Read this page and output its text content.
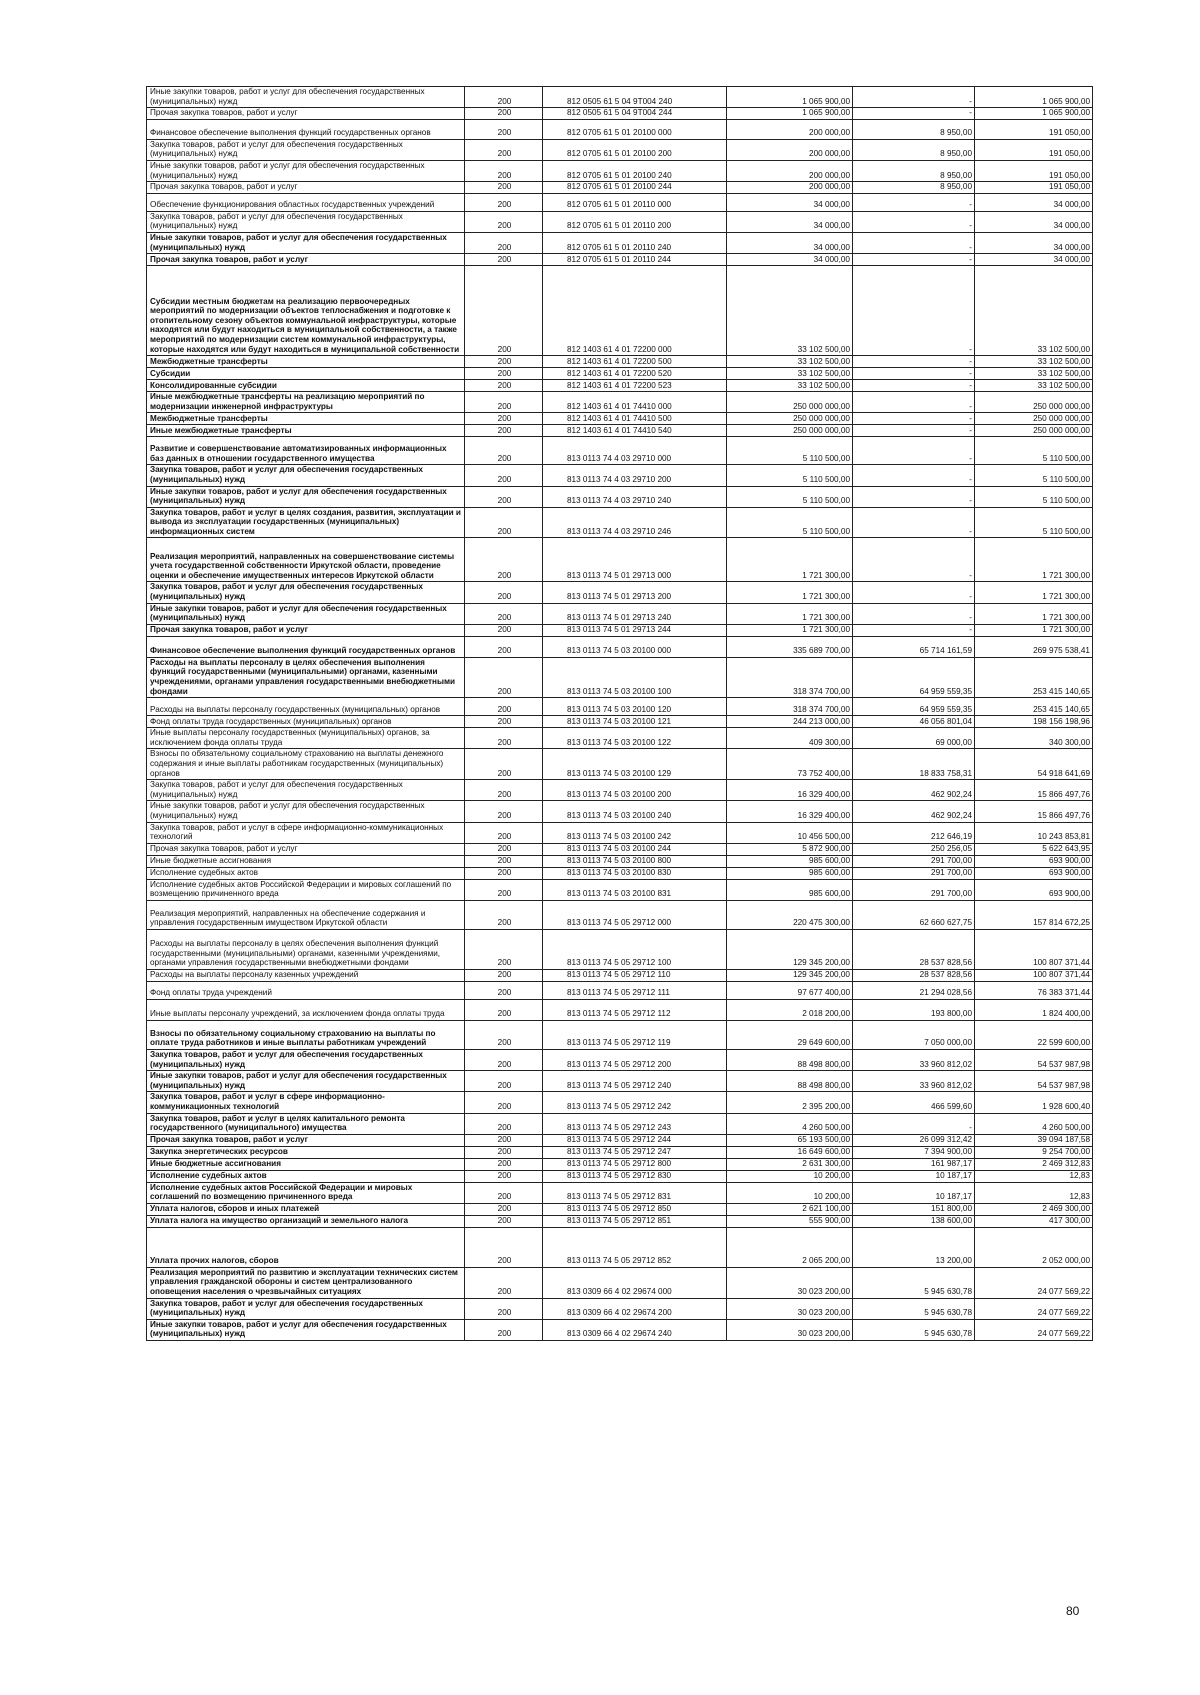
Иные закупки товаров, работ и услуг для обеспечения государственных (муниципальных) нужд	200	812 0505 61 5 04 9T004 240	1 065 900,00	-	1 065 900,00
Прочая закупка товаров, работ и услуг	200	812 0505 61 5 04 9T004 244	1 065 900,00	-	1 065 900,00
Финансовое обеспечение выполнения функций государственных органов	200	812 0705 61 5 01 20100 000	200 000,00	8 950,00	191 050,00
Закупка товаров, работ и услуг для обеспечения государственных (муниципальных) нужд	200	812 0705 61 5 01 20100 200	200 000,00	8 950,00	191 050,00
Иные закупки товаров, работ и услуг для обеспечения государственных (муниципальных) нужд	200	812 0705 61 5 01 20100 240	200 000,00	8 950,00	191 050,00
Прочая закупка товаров, работ и услуг	200	812 0705 61 5 01 20100 244	200 000,00	8 950,00	191 050,00
Обеспечение функционирования областных государственных учреждений	200	812 0705 61 5 01 20110 000	34 000,00	-	34 000,00
Закупка товаров, работ и услуг для обеспечения государственных (муниципальных) нужд	200	812 0705 61 5 01 20110 200	34 000,00	-	34 000,00
Иные закупки товаров, работ и услуг для обеспечения государственных (муниципальных) нужд	200	812 0705 61 5 01 20110 240	34 000,00	-	34 000,00
Прочая закупка товаров, работ и услуг	200	812 0705 61 5 01 20110 244	34 000,00	-	34 000,00
Субсидии местным бюджетам на реализацию первоочередных мероприятий по модернизации объектов теплоснабжения и подготовке к отопительному сезону объектов коммунальной инфраструктуры, которые находятся или будут находиться в муниципальной собственности, а также мероприятий по модернизации систем коммунальной инфраструктуры, которые находятся или будут находиться в муниципальной собственности	200	812 1403 61 4 01 72200 000	33 102 500,00	-	33 102 500,00
Межбюджетные трансферты	200	812 1403 61 4 01 72200 500	33 102 500,00	-	33 102 500,00
Субсидии	200	812 1403 61 4 01 72200 520	33 102 500,00	-	33 102 500,00
Консолидированные субсидии	200	812 1403 61 4 01 72200 523	33 102 500,00	-	33 102 500,00
Иные межбюджетные трансферты на реализацию мероприятий по модернизации инженерной инфраструктуры	200	812 1403 61 4 01 74410 000	250 000 000,00	-	250 000 000,00
Межбюджетные трансферты	200	812 1403 61 4 01 74410 500	250 000 000,00	-	250 000 000,00
Иные межбюджетные трансферты	200	812 1403 61 4 01 74410 540	250 000 000,00	-	250 000 000,00
Развитие и совершенствование автоматизированных информационных баз данных в отношении государственного имущества	200	813 0113 74 4 03 29710 000	5 110 500,00	-	5 110 500,00
Закупка товаров, работ и услуг для обеспечения государственных (муниципальных) нужд	200	813 0113 74 4 03 29710 200	5 110 500,00	-	5 110 500,00
Иные закупки товаров, работ и услуг для обеспечения государственных (муниципальных) нужд	200	813 0113 74 4 03 29710 240	5 110 500,00	-	5 110 500,00
Закупка товаров, работ и услуг в целях создания, развития, эксплуатации и вывода из эксплуатации государственных (муниципальных) информационных систем	200	813 0113 74 4 03 29710 246	5 110 500,00	-	5 110 500,00
Реализация мероприятий, направленных на совершенствование системы учета государственной собственности Иркутской области, проведение оценки и обеспечение имущественных интересов Иркутской области	200	813 0113 74 5 01 29713 000	1 721 300,00	-	1 721 300,00
Закупка товаров, работ и услуг для обеспечения государственных (муниципальных) нужд	200	813 0113 74 5 01 29713 200	1 721 300,00	-	1 721 300,00
Иные закупки товаров, работ и услуг для обеспечения государственных (муниципальных) нужд	200	813 0113 74 5 01 29713 240	1 721 300,00	-	1 721 300,00
Прочая закупка товаров, работ и услуг	200	813 0113 74 5 01 29713 244	1 721 300,00	-	1 721 300,00
Финансовое обеспечение выполнения функций государственных органов	200	813 0113 74 5 03 20100 000	335 689 700,00	65 714 161,59	269 975 538,41
Расходы на выплаты персоналу в целях обеспечения выполнения функций государственными (муниципальными) органами, казенными учреждениями, органами управления государственными внебюджетными фондами	200	813 0113 74 5 03 20100 100	318 374 700,00	64 959 559,35	253 415 140,65
Расходы на выплаты персоналу государственных (муниципальных) органов	200	813 0113 74 5 03 20100 120	318 374 700,00	64 959 559,35	253 415 140,65
Фонд оплаты труда государственных (муниципальных) органов	200	813 0113 74 5 03 20100 121	244 213 000,00	46 056 801,04	198 156 198,96
Иные выплаты персоналу государственных (муниципальных) органов, за исключением фонда оплаты труда	200	813 0113 74 5 03 20100 122	409 300,00	69 000,00	340 300,00
Взносы по обязательному социальному страхованию на выплаты денежного содержания и иные выплаты работникам государственных (муниципальных) органов	200	813 0113 74 5 03 20100 129	73 752 400,00	18 833 758,31	54 918 641,69
Закупка товаров, работ и услуг для обеспечения государственных (муниципальных) нужд	200	813 0113 74 5 03 20100 200	16 329 400,00	462 902,24	15 866 497,76
Иные закупки товаров, работ и услуг для обеспечения государственных (муниципальных) нужд	200	813 0113 74 5 03 20100 240	16 329 400,00	462 902,24	15 866 497,76
Закупка товаров, работ и услуг в сфере информационно-коммуникационных технологий	200	813 0113 74 5 03 20100 242	10 456 500,00	212 646,19	10 243 853,81
Прочая закупка товаров, работ и услуг	200	813 0113 74 5 03 20100 244	5 872 900,00	250 256,05	5 622 643,95
Иные бюджетные ассигнования	200	813 0113 74 5 03 20100 800	985 600,00	291 700,00	693 900,00
Исполнение судебных актов	200	813 0113 74 5 03 20100 830	985 600,00	291 700,00	693 900,00
Исполнение судебных актов Российской Федерации и мировых соглашений по возмещению причиненного вреда	200	813 0113 74 5 03 20100 831	985 600,00	291 700,00	693 900,00
Реализация мероприятий, направленных на обеспечение содержания и управления государственным имуществом Иркутской области	200	813 0113 74 5 05 29712 000	220 475 300,00	62 660 627,75	157 814 672,25
Расходы на выплаты персоналу в целях обеспечения выполнения функций государственными (муниципальными) органами, казенными учреждениями, органами управления государственными внебюджетными фондами	200	813 0113 74 5 05 29712 100	129 345 200,00	28 537 828,56	100 807 371,44
Расходы на выплаты персоналу казенных учреждений	200	813 0113 74 5 05 29712 110	129 345 200,00	28 537 828,56	100 807 371,44
Фонд оплаты труда учреждений	200	813 0113 74 5 05 29712 111	97 677 400,00	21 294 028,56	76 383 371,44
Иные выплаты персоналу учреждений, за исключением фонда оплаты труда	200	813 0113 74 5 05 29712 112	2 018 200,00	193 800,00	1 824 400,00
Взносы по обязательному социальному страхованию на выплаты по оплате труда работников и иные выплаты работникам учреждений	200	813 0113 74 5 05 29712 119	29 649 600,00	7 050 000,00	22 599 600,00
Закупка товаров, работ и услуг для обеспечения государственных (муниципальных) нужд	200	813 0113 74 5 05 29712 200	88 498 800,00	33 960 812,02	54 537 987,98
Иные закупки товаров, работ и услуг для обеспечения государственных (муниципальных) нужд	200	813 0113 74 5 05 29712 240	88 498 800,00	33 960 812,02	54 537 987,98
Закупка товаров, работ и услуг в сфере информационно-коммуникационных технологий	200	813 0113 74 5 05 29712 242	2 395 200,00	466 599,60	1 928 600,40
Закупка товаров, работ и услуг в целях капитального ремонта государственного (муниципального) имущества	200	813 0113 74 5 05 29712 243	4 260 500,00	-	4 260 500,00
Прочая закупка товаров, работ и услуг	200	813 0113 74 5 05 29712 244	65 193 500,00	26 099 312,42	39 094 187,58
Закупка энергетических ресурсов	200	813 0113 74 5 05 29712 247	16 649 600,00	7 394 900,00	9 254 700,00
Иные бюджетные ассигнования	200	813 0113 74 5 05 29712 800	2 631 300,00	161 987,17	2 469 312,83
Исполнение судебных актов	200	813 0113 74 5 05 29712 830	10 200,00	10 187,17	12,83
Исполнение судебных актов Российской Федерации и мировых соглашений по возмещению причиненного вреда	200	813 0113 74 5 05 29712 831	10 200,00	10 187,17	12,83
Уплата налогов, сборов и иных платежей	200	813 0113 74 5 05 29712 850	2 621 100,00	151 800,00	2 469 300,00
Уплата налога на имущество организаций и земельного налога	200	813 0113 74 5 05 29712 851	555 900,00	138 600,00	417 300,00
Уплата прочих налогов, сборов	200	813 0113 74 5 05 29712 852	2 065 200,00	13 200,00	2 052 000,00
Реализация мероприятий по развитию и эксплуатации технических систем управления гражданской обороны и систем централизованного оповещения населения о чрезвычайных ситуациях	200	813 0309 66 4 02 29674 000	30 023 200,00	5 945 630,78	24 077 569,22
Закупка товаров, работ и услуг для обеспечения государственных (муниципальных) нужд	200	813 0309 66 4 02 29674 200	30 023 200,00	5 945 630,78	24 077 569,22
Иные закупки товаров, работ и услуг для обеспечения государственных (муниципальных) нужд	200	813 0309 66 4 02 29674 240	30 023 200,00	5 945 630,78	24 077 569,22
80
